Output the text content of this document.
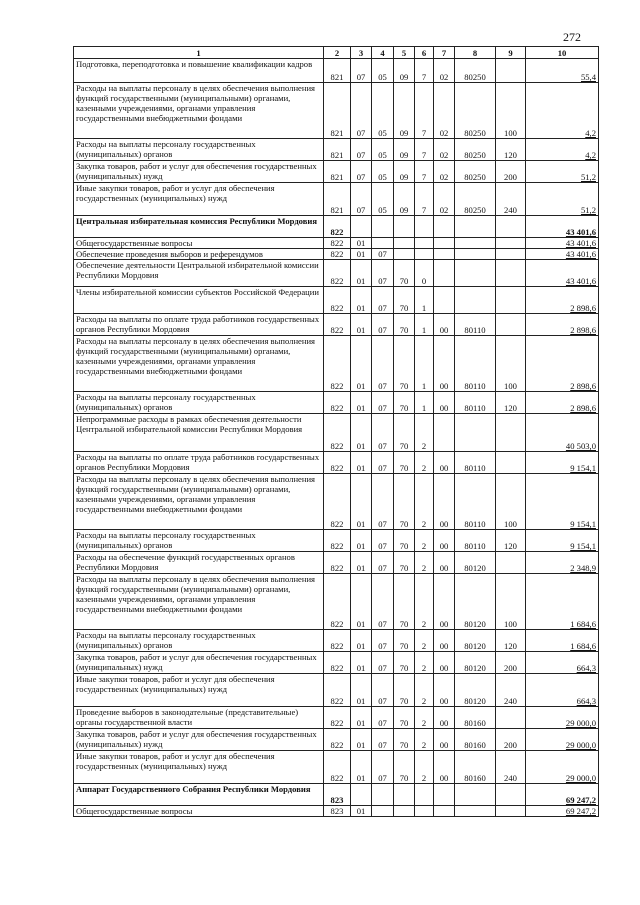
272
1	2	3	4	5	6	7	8	9	10
Подготовка, переподготовка и повышение квалификации кадров	821	07	05	09	7	02	80250		55,4
Расходы на выплаты персоналу в целях обеспечения выполнения функций государственными (муниципальными) органами, казенными учреждениями, органами управления государственными внебюджетными фондами	821	07	05	09	7	02	80250	100	4,2
Расходы на выплаты персоналу государственных (муниципальных) органов	821	07	05	09	7	02	80250	120	4,2
Закупка товаров, работ и услуг для обеспечения государственных (муниципальных) нужд	821	07	05	09	7	02	80250	200	51,2
Иные закупки товаров, работ и услуг для обеспечения государственных (муниципальных) нужд	821	07	05	09	7	02	80250	240	51,2
Центральная избирательная комиссия Республики Мордовия	822								43 401,6
Общегосударственные вопросы	822	01							43 401,6
Обеспечение проведения выборов и референдумов	822	01	07						43 401,6
Обеспечение деятельности Центральной избирательной комиссии Республики Мордовия	822	01	07	70	0				43 401,6
Члены избирательной комиссии субъектов Российской Федерации	822	01	07	70	1				2 898,6
Расходы на выплаты по оплате труда работников государственных органов Республики Мордовия	822	01	07	70	1	00	80110		2 898,6
Расходы на выплаты персоналу в целях обеспечения выполнения функций государственными (муниципальными) органами, казенными учреждениями, органами управления государственными внебюджетными фондами	822	01	07	70	1	00	80110	100	2 898,6
Расходы на выплаты персоналу государственных (муниципальных) органов	822	01	07	70	1	00	80110	120	2 898,6
Непрограммные расходы в рамках обеспечения деятельности Центральной избирательной комиссии Республики Мордовия	822	01	07	70	2				40 503,0
Расходы на выплаты по оплате труда работников государственных органов Республики Мордовия	822	01	07	70	2	00	80110		9 154,1
Расходы на выплаты персоналу в целях обеспечения выполнения функций государственными (муниципальными) органами, казенными учреждениями, органами управления государственными внебюджетными фондами	822	01	07	70	2	00	80110	100	9 154,1
Расходы на выплаты персоналу государственных (муниципальных) органов	822	01	07	70	2	00	80110	120	9 154,1
Расходы на обеспечение функций государственных органов Республики Мордовия	822	01	07	70	2	00	80120		2 348,9
Расходы на выплаты персоналу в целях обеспечения выполнения функций государственными (муниципальными) органами, казенными учреждениями, органами управления государственными внебюджетными фондами	822	01	07	70	2	00	80120	100	1 684,6
Расходы на выплаты персоналу государственных (муниципальных) органов	822	01	07	70	2	00	80120	120	1 684,6
Закупка товаров, работ и услуг для обеспечения государственных (муниципальных) нужд	822	01	07	70	2	00	80120	200	664,3
Иные закупки товаров, работ и услуг для обеспечения государственных (муниципальных) нужд	822	01	07	70	2	00	80120	240	664,3
Проведение выборов в законодательные (представительные) органы государственной власти	822	01	07	70	2	00	80160		29 000,0
Закупка товаров, работ и услуг для обеспечения государственных (муниципальных) нужд	822	01	07	70	2	00	80160	200	29 000,0
Иные закупки товаров, работ и услуг для обеспечения государственных (муниципальных) нужд	822	01	07	70	2	00	80160	240	29 000,0
Аппарат Государственного Собрания Республики Мордовия	823								69 247,2
Общегосударственные вопросы	823	01							69 247,2
